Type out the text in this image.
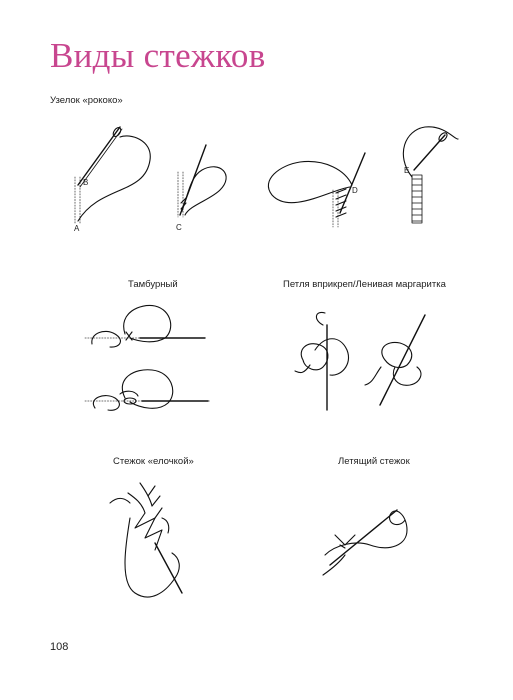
Виды стежков
Узелок «рококо»
B
A	C
D
E
Тамбурный	Петля вприкреп/Ленивая маргаритка
Стежок «елочкой»	Летящий стежок
108
